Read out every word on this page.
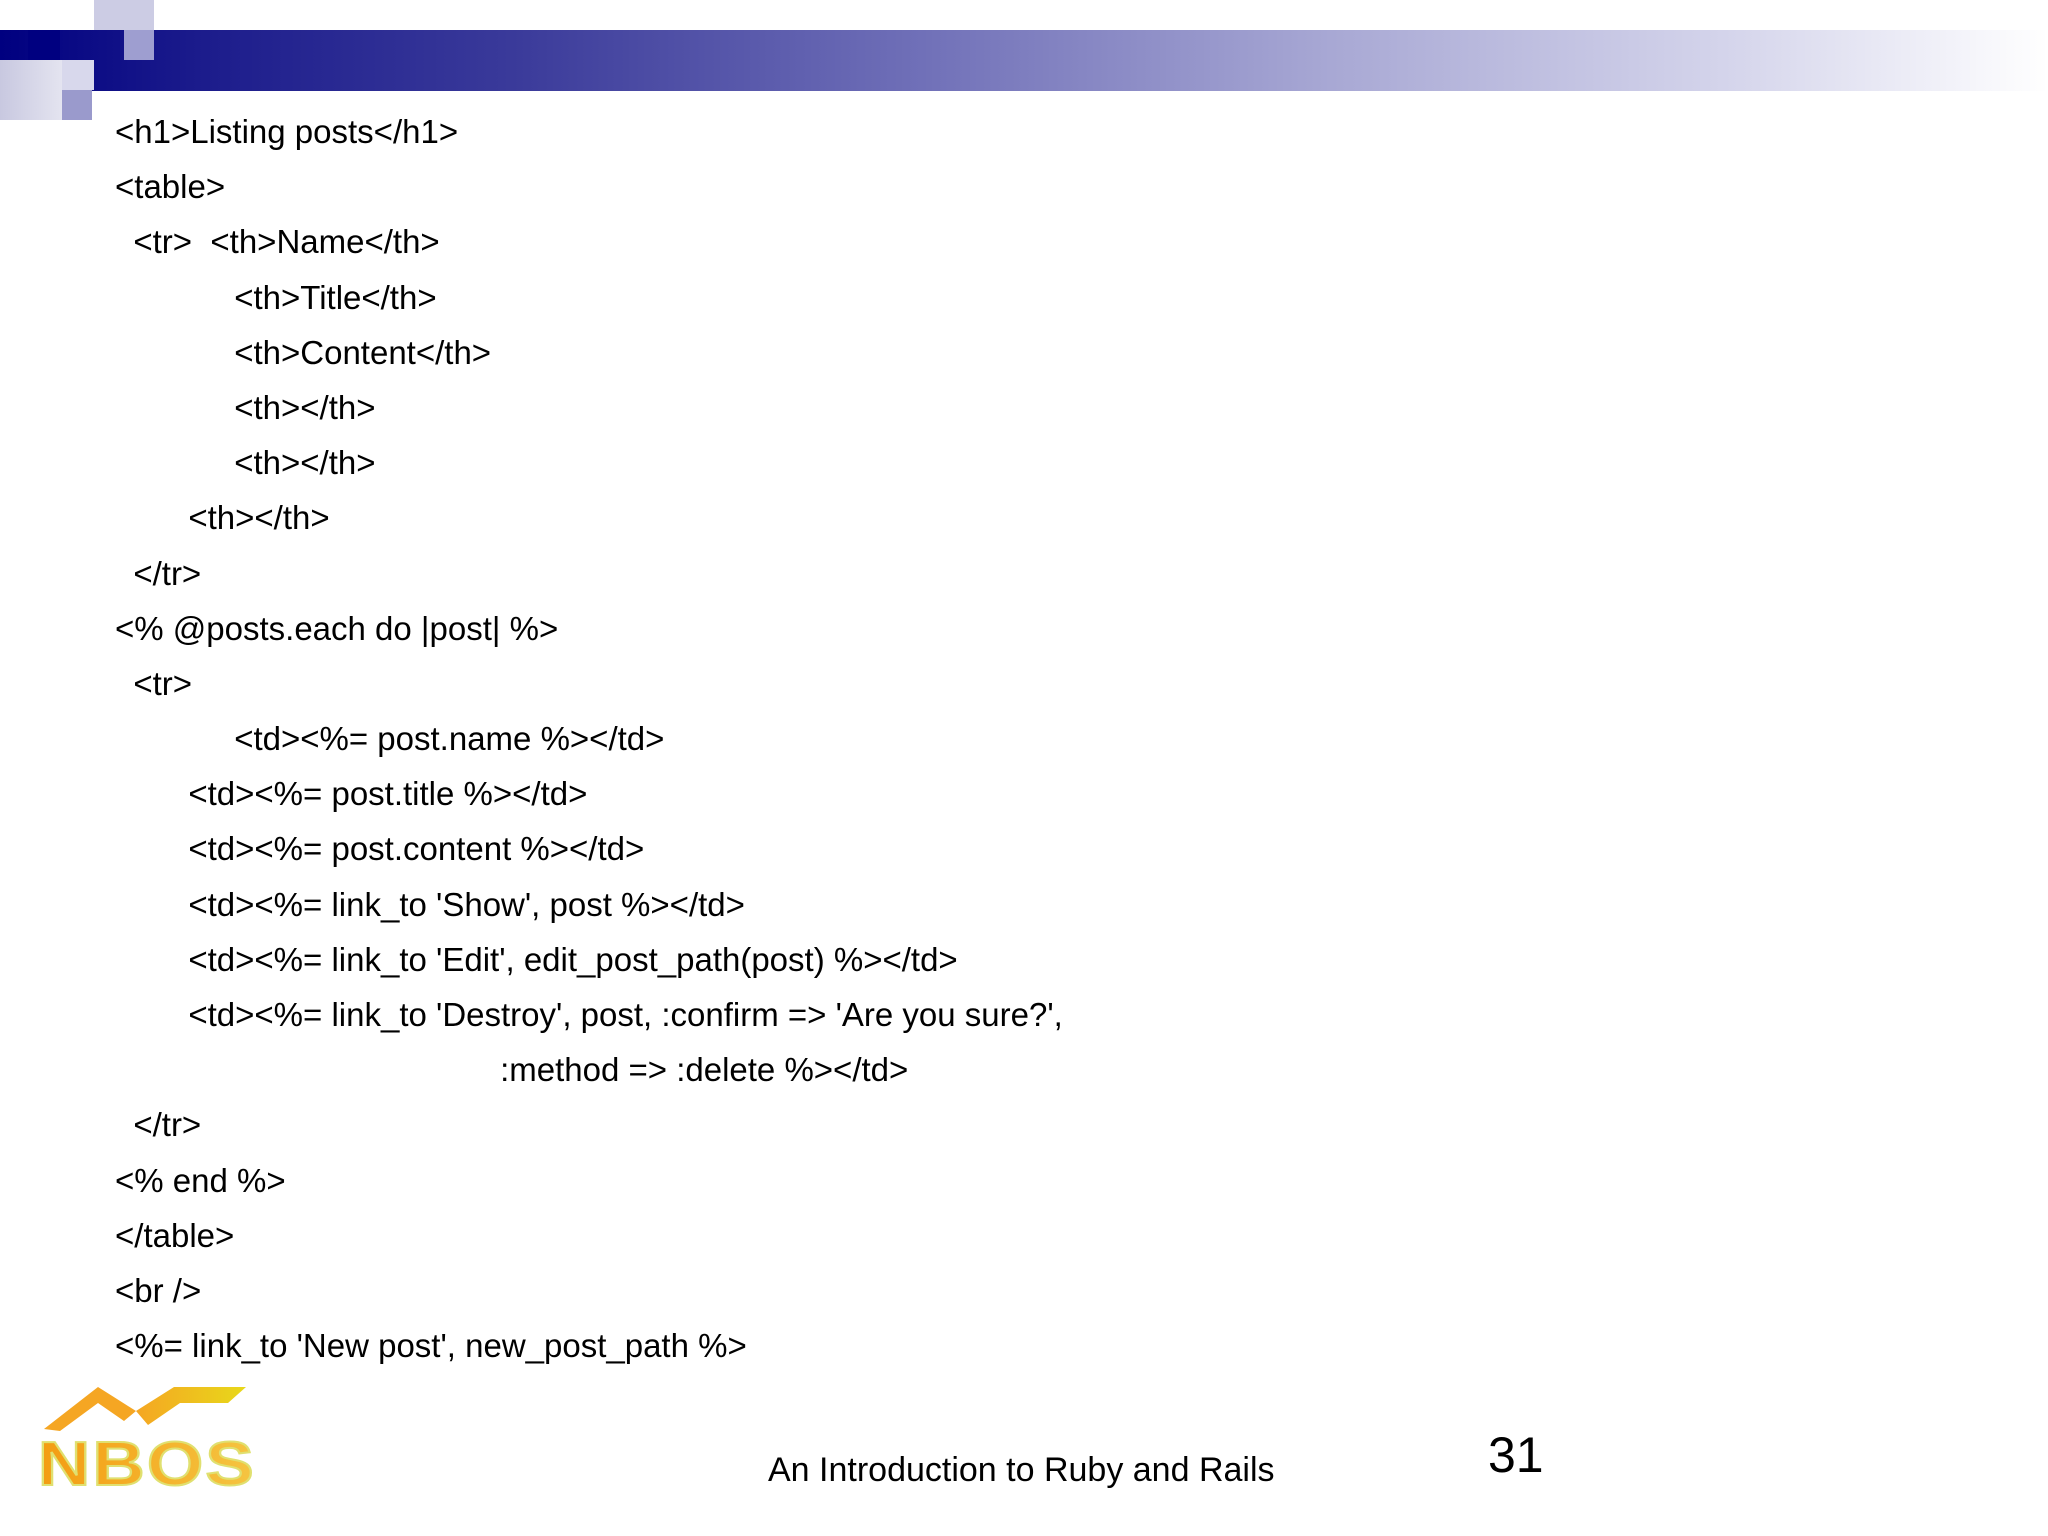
<h1>Listing posts</h1>
<table>
<tr>  <th>Name</th>
<th>Title</th>
<th>Content</th>
<th></th>
<th></th>
<th></th>
</tr>
<% @posts.each do |post| %>
<tr>
<td><%= post.name %></td>
<td><%= post.title %></td>
<td><%= post.content %></td>
<td><%= link_to 'Show', post %></td>
<td><%= link_to 'Edit', edit_post_path(post) %></td>
<td><%= link_to 'Destroy', post, :confirm => 'Are you sure?',
:method => :delete %></td>
</tr>
<% end %>
</table>
<br />
<%= link_to 'New post', new_post_path %>
NBOS	An Introduction to Ruby and Rails	31
